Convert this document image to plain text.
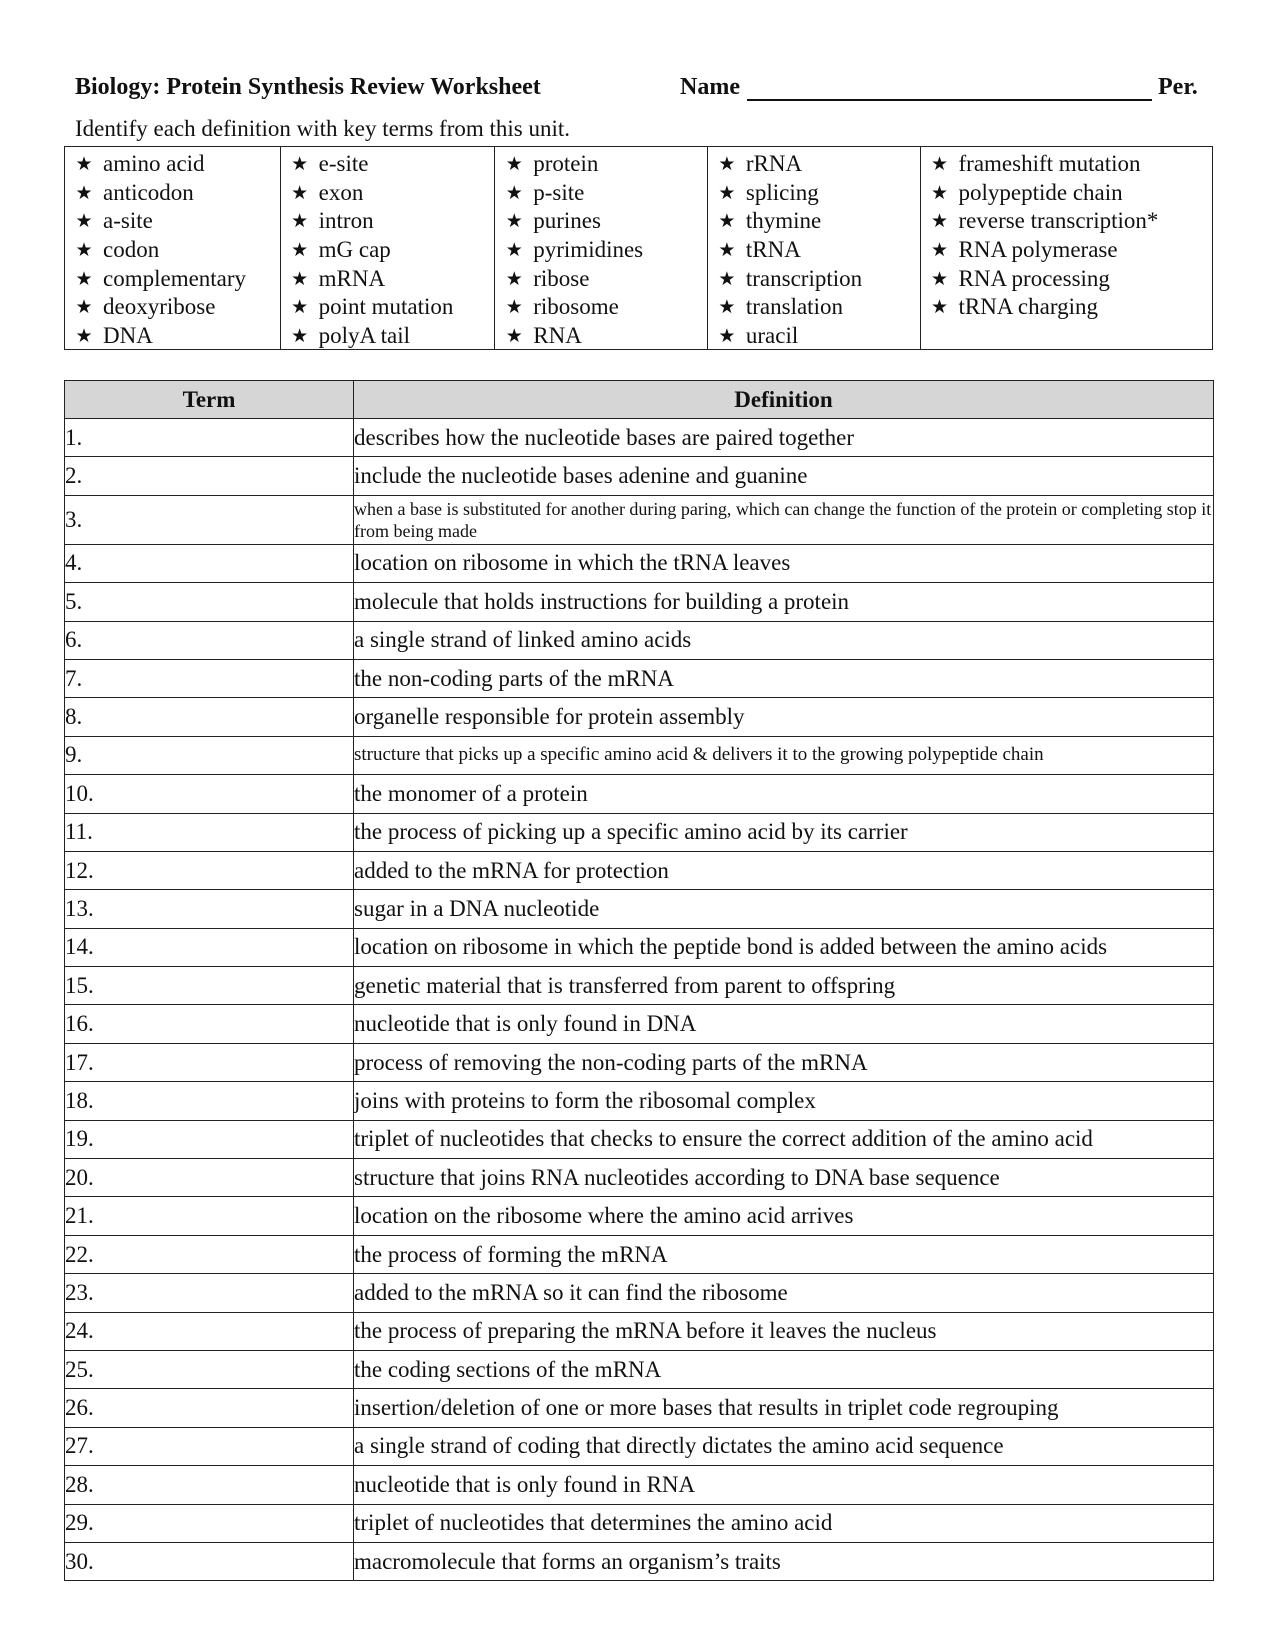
Biology: Protein Synthesis Review Worksheet	Name	Per.
Identify each definition with key terms from this unit.
★ amino acid
★ anticodon
★ a-site
★ codon
★ complementary
★ deoxyribose
★ DNA
★ e-site
★ exon
★ intron
★ mG cap
★ mRNA
★ point mutation
★ polyA tail
★ protein
★ p-site
★ purines
★ pyrimidines
★ ribose
★ ribosome
★ RNA
★ rRNA
★ splicing
★ thymine
★ tRNA
★ transcription
★ translation
★ uracil
★ frameshift mutation
★ polypeptide chain
★ reverse transcription*
★ RNA polymerase
★ RNA processing
★ tRNA charging
Term	Definition
1.	describes how the nucleotide bases are paired together
2.	include the nucleotide bases adenine and guanine
3.	when a base is substituted for another during paring, which can change the function of the protein or completing stop it from being made
4.	location on ribosome in which the tRNA leaves
5.	molecule that holds instructions for building a protein
6.	a single strand of linked amino acids
7.	the non-coding parts of the mRNA
8.	organelle responsible for protein assembly
9.	structure that picks up a specific amino acid & delivers it to the growing polypeptide chain
10.	the monomer of a protein
11.	the process of picking up a specific amino acid by its carrier
12.	added to the mRNA for protection
13.	sugar in a DNA nucleotide
14.	location on ribosome in which the peptide bond is added between the amino acids
15.	genetic material that is transferred from parent to offspring
16.	nucleotide that is only found in DNA
17.	process of removing the non-coding parts of the mRNA
18.	joins with proteins to form the ribosomal complex
19.	triplet of nucleotides that checks to ensure the correct addition of the amino acid
20.	structure that joins RNA nucleotides according to DNA base sequence
21.	location on the ribosome where the amino acid arrives
22.	the process of forming the mRNA
23.	added to the mRNA so it can find the ribosome
24.	the process of preparing the mRNA before it leaves the nucleus
25.	the coding sections of the mRNA
26.	insertion/deletion of one or more bases that results in triplet code regrouping
27.	a single strand of coding that directly dictates the amino acid sequence
28.	nucleotide that is only found in RNA
29.	triplet of nucleotides that determines the amino acid
30.	macromolecule that forms an organism’s traits
